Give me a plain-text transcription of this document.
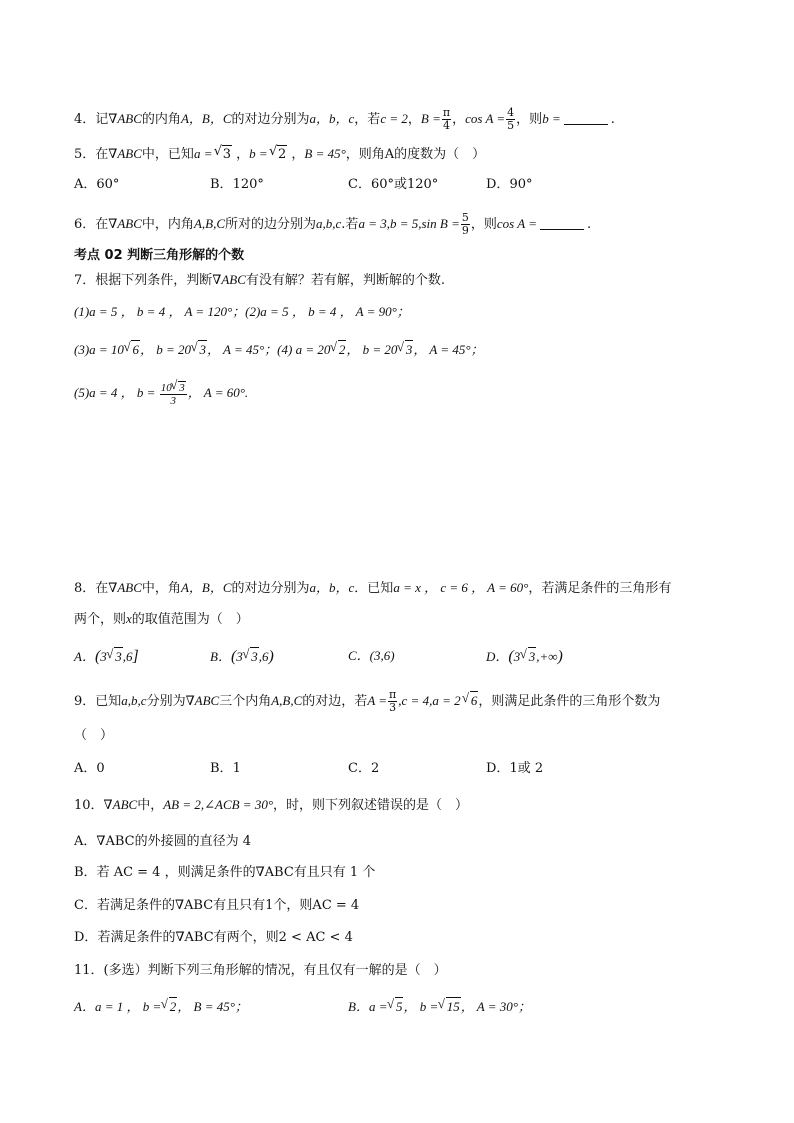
4．记∇ABC的内角A，B，C的对边分别为a，b，c，若c = 2，$B = \frac{\pi}{4}$ ，$\cos A = \frac{4}{5}$ ，则b =	.
5．在∇ABC中，已知a = √ 3 ，b = √ 2 ，B = 45°，则角A的度数为（　）
A．60°	B．120°	C．60°或120°	D．90°
6．在∇ABC中，内角A,B,C所对的边分别为a,b,c.若a = 3,b = 5,sin $B = \frac{5}{9}$ ，则cos A =	.
考点 02 判断三角形解的个数
7．根据下列条件，判断∇ABC有没有解？若有解，判断解的个数.
(1)a = 5 ， b = 4 ， A = 120°；(2)a = 5 ， b = 4 ， A = 90°；
(3)a = 10 √ 6， b = 20 √ 3， A = 45°；(4) a = 20 √ 2， b = 20 √ 3， A = 45°；
(5)a = 4 ， $b = \frac{10 √ 3}{3}$ ， A = 60°.
8．在∇ABC中，角A，B，C的对边分别为a，b，c．已知a = x ， c = 6 ， A = 60°，若满足条件的三角形有
两个，则x的取值范围为（　）
A．(3 √ 3,6]	B．(3 √ 3,6)	C．(3,6)	D．(3 √ 3,+∞)
9．已知a,b,c分别为∇ABC三个内角A,B,C的对边，若$A = \frac{\pi}{3} ,c = 4,a = 2$ √ 6，则满足此条件的三角形个数为
（　）
A．0	B．1	C．2	D．1或 2
10．∇ABC中，AB = 2,∠ACB = 30°，时，则下列叙述错误的是（　）
A．∇ABC的外接圆的直径为 4
B．若 AC = 4 ，则满足条件的∇ABC有且只有 1 个
C．若满足条件的∇ABC有且只有1个，则AC = 4
D．若满足条件的∇ABC有两个，则2 < AC < 4
11．(多选）判断下列三角形解的情况，有且仅有一解的是（　）
A．a = 1 ， b = √ 2， B = 45°；	B．a = √ 5， b = √ 15， A = 30°；
